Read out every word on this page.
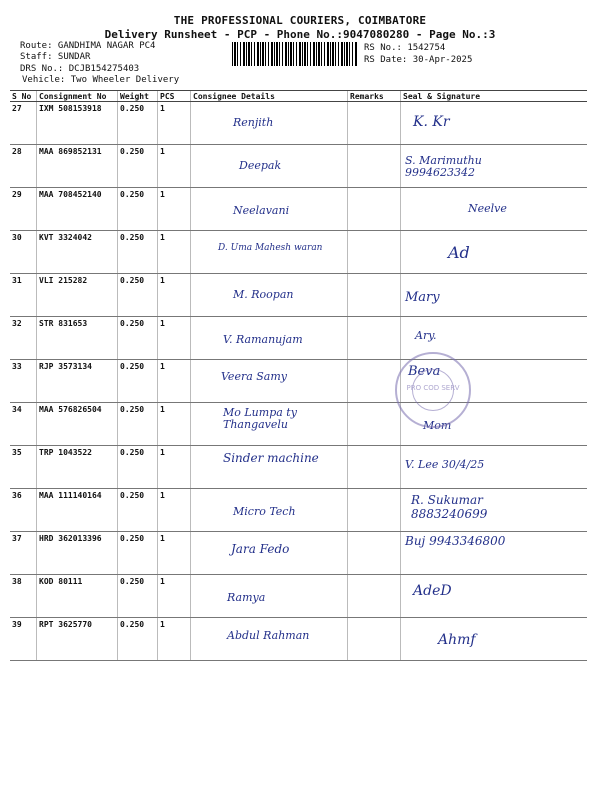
THE PROFESSIONAL COURIERS, COIMBATORE
Delivery Runsheet - PCP - Phone No.:9047080280 - Page No.:3
Route: GANDHIMA NAGAR PC4
Staff: SUNDAR
DRS No.: DCJB154275403
Vehicle: Two Wheeler Delivery
RS No.: 1542754
RS Date: 30-Apr-2025
S No	Consignment No	Weight	PCS	Consignee Details	Remarks	Seal & Signature
27	IXM 508153918	0.250	1	Renjith		K. Kr
28	MAA 869852131	0.250	1	Deepak		S. Marimuthu 9994623342
29	MAA 708452140	0.250	1	Neelavani		Neelve
30	KVT 3324042	0.250	1	D. Uma Mahesh waran		Ad
31	VLI 215282	0.250	1	M. Roopan		Mary
32	STR 831653	0.250	1	V. Ramanujam		Ary.
33	RJP 3573134	0.250	1	Veera Samy		Beva
34	MAA 576826504	0.250	1	Mo Lumpa ty Thangavelu		Mom
35	TRP 1043522	0.250	1	Sinder machine		V. Lee 30/4/25
36	MAA 111140164	0.250	1	Micro Tech		R. Sukumar 8883240699
37	HRD 362013396	0.250	1	Jara Fedo		Buj 9943346800
38	KOD 80111	0.250	1	Ramya		AdeD
39	RPT 3625770	0.250	1	Abdul Rahman		Ahmf
PRO COD SERV
